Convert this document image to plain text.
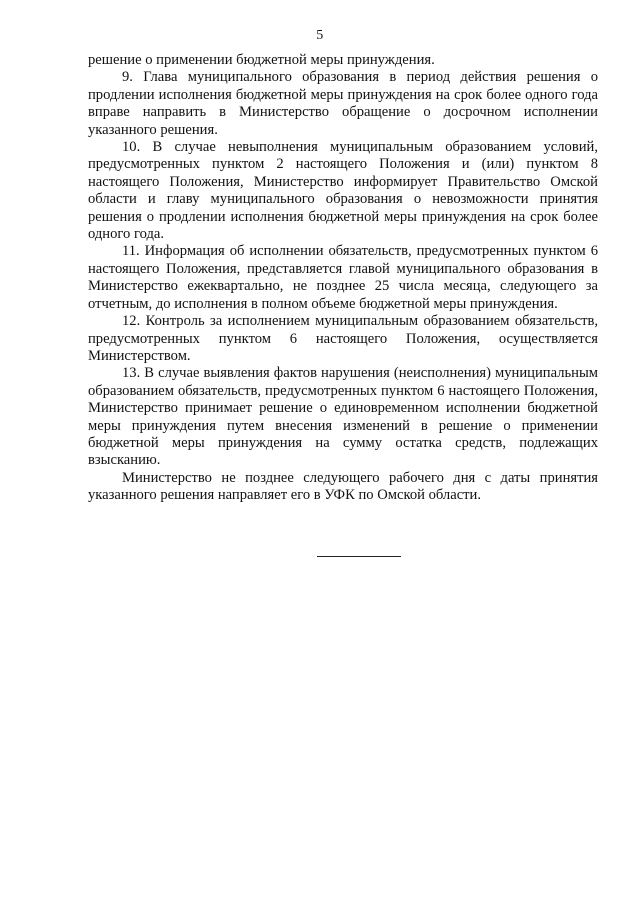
5

решение о применении бюджетной меры принуждения.

9. Глава муниципального образования в период действия решения о продлении исполнения бюджетной меры принуждения на срок более одного года вправе направить в Министерство обращение о досрочном исполнении указанного решения.

10. В случае невыполнения муниципальным образованием условий, предусмотренных пунктом 2 настоящего Положения и (или) пунктом 8 настоящего Положения, Министерство информирует Правительство Омской области и главу муниципального образования о невозможности принятия решения о продлении исполнения бюджетной меры принуждения на срок более одного года.

11. Информация об исполнении обязательств, предусмотренных пунктом 6 настоящего Положения, представляется главой муниципального образования в Министерство ежеквартально, не позднее 25 числа месяца, следующего за отчетным, до исполнения в полном объеме бюджетной меры принуждения.

12. Контроль за исполнением муниципальным образованием обязательств, предусмотренных пунктом 6 настоящего Положения, осуществляется Министерством.

13. В случае выявления фактов нарушения (неисполнения) муниципальным образованием обязательств, предусмотренных пунктом 6 настоящего Положения, Министерство принимает решение о единовременном исполнении бюджетной меры принуждения путем внесения изменений в решение о применении бюджетной меры принуждения на сумму остатка средств, подлежащих взысканию.

Министерство не позднее следующего рабочего дня с даты принятия указанного решения направляет его в УФК по Омской области.
